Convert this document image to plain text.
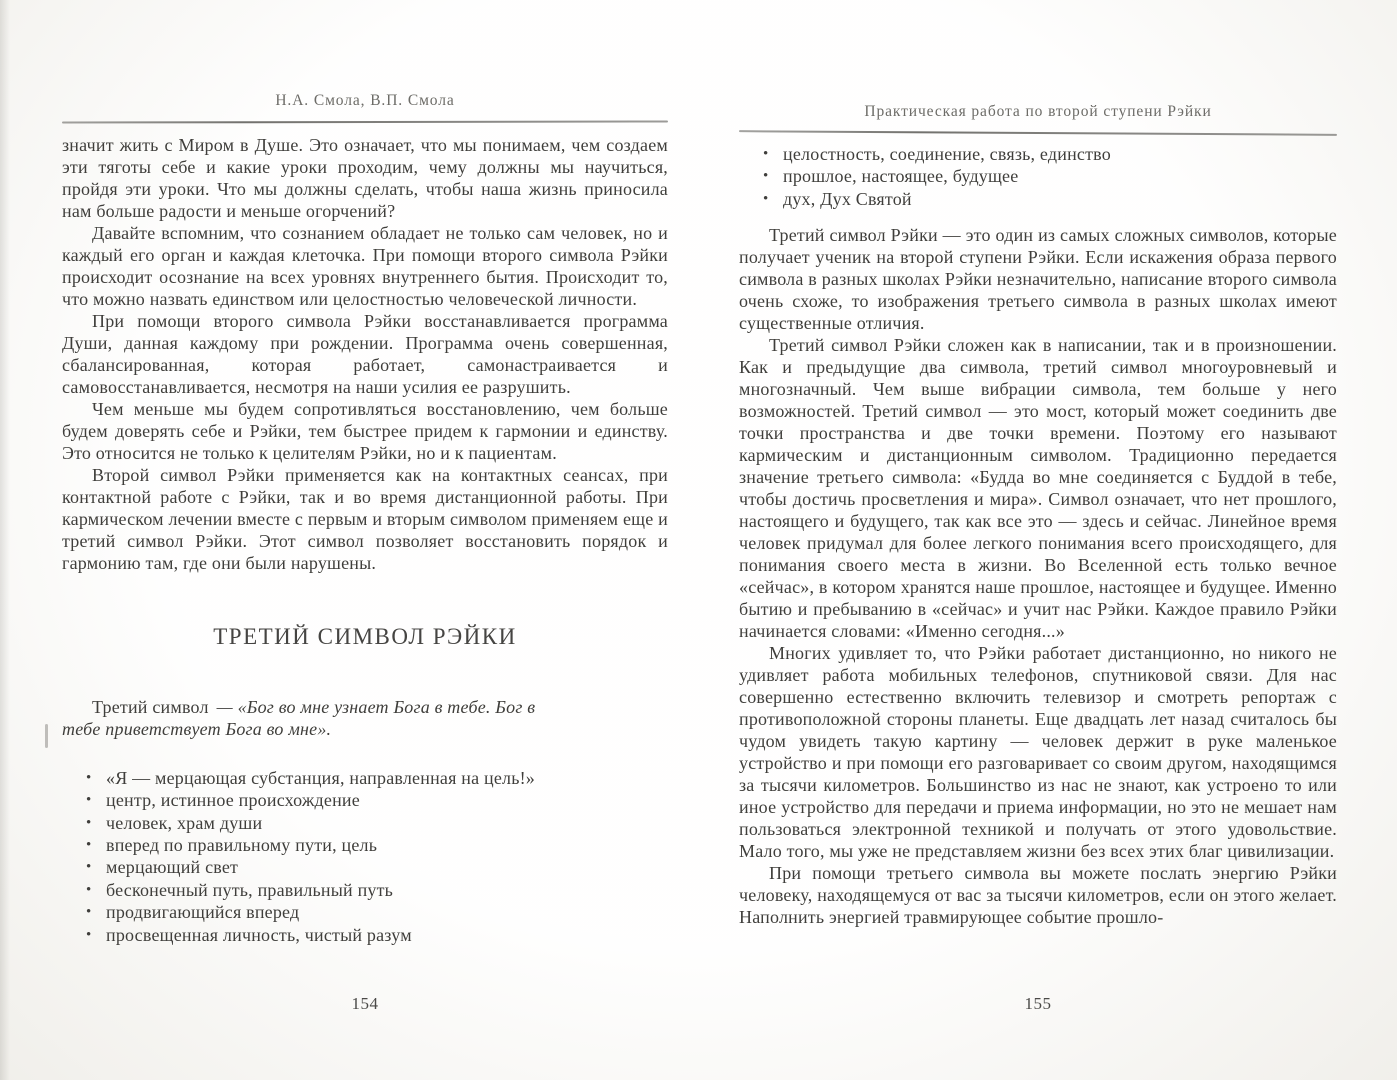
Н.А. Смола, В.П. Смола

значит жить с Миром в Душе. Это означает, что мы понимаем, чем создаем эти тяготы себе и какие уроки проходим, чему должны мы научиться, пройдя эти уроки. Что мы должны сделать, чтобы наша жизнь приносила нам больше радости и меньше огорчений?

Давайте вспомним, что сознанием обладает не только сам человек, но и каждый его орган и каждая клеточка. При помощи второго символа Рэйки происходит осознание на всех уровнях внутреннего бытия. Происходит то, что можно назвать единством или целостностью человеческой личности.

При помощи второго символа Рэйки восстанавливается программа Души, данная каждому при рождении. Программа очень совершенная, сбалансированная, которая работает, самонастраивается и самовосстанавливается, несмотря на наши усилия ее разрушить.

Чем меньше мы будем сопротивляться восстановлению, чем больше будем доверять себе и Рэйки, тем быстрее придем к гармонии и единству. Это относится не только к целителям Рэйки, но и к пациентам.

Второй символ Рэйки применяется как на контактных сеансах, при контактной работе с Рэйки, так и во время дистанционной работы. При кармическом лечении вместе с первым и вторым символом применяем еще и третий символ Рэйки. Этот символ позволяет восстановить порядок и гармонию там, где они были нарушены.

ТРЕТИЙ СИМВОЛ РЭЙКИ

Третий символ — «Бог во мне узнает Бога в тебе. Бог в тебе приветствует Бога во мне».

• «Я — мерцающая субстанция, направленная на цель!»
• центр, истинное происхождение
• человек, храм души
• вперед по правильному пути, цель
• мерцающий свет
• бесконечный путь, правильный путь
• продвигающийся вперед
• просвещенная личность, чистый разум
154
Практическая работа по второй ступени Рэйки
• целостность, соединение, связь, единство
• прошлое, настоящее, будущее
• дух, Дух Святой

Третий символ Рэйки — это один из самых сложных символов, которые получает ученик на второй ступени Рэйки. Если искажения образа первого символа в разных школах Рэйки незначительно, написание второго символа очень схоже, то изображения третьего символа в разных школах имеют существенные отличия.

Третий символ Рэйки сложен как в написании, так и в произношении. Как и предыдущие два символа, третий символ многоуровневый и многозначный. Чем выше вибрации символа, тем больше у него возможностей. Третий символ — это мост, который может соединить две точки пространства и две точки времени. Поэтому его называют кармическим и дистанционным символом. Традиционно передается значение третьего символа: «Будда во мне соединяется с Буддой в тебе, чтобы достичь просветления и мира». Символ означает, что нет прошлого, настоящего и будущего, так как все это — здесь и сейчас. Линейное время человек придумал для более легкого понимания всего происходящего, для понимания своего места в жизни. Во Вселенной есть только вечное «сейчас», в котором хранятся наше прошлое, настоящее и будущее. Именно бытию и пребыванию в «сейчас» и учит нас Рэйки. Каждое правило Рэйки начинается словами: «Именно сегодня...»

Многих удивляет то, что Рэйки работает дистанционно, но никого не удивляет работа мобильных телефонов, спутниковой связи. Для нас совершенно естественно включить телевизор и смотреть репортаж с противоположной стороны планеты. Еще двадцать лет назад считалось бы чудом увидеть такую картину — человек держит в руке маленькое устройство и при помощи его разговаривает со своим другом, находящимся за тысячи километров. Большинство из нас не знают, как устроено то или иное устройство для передачи и приема информации, но это не мешает нам пользоваться электронной техникой и получать от этого удовольствие. Мало того, мы уже не представляем жизни без всех этих благ цивилизации.

При помощи третьего символа вы можете послать энергию Рэйки человеку, находящемуся от вас за тысячи километров, если он этого желает. Наполнить энергией травмирующее событие прошло-

155
